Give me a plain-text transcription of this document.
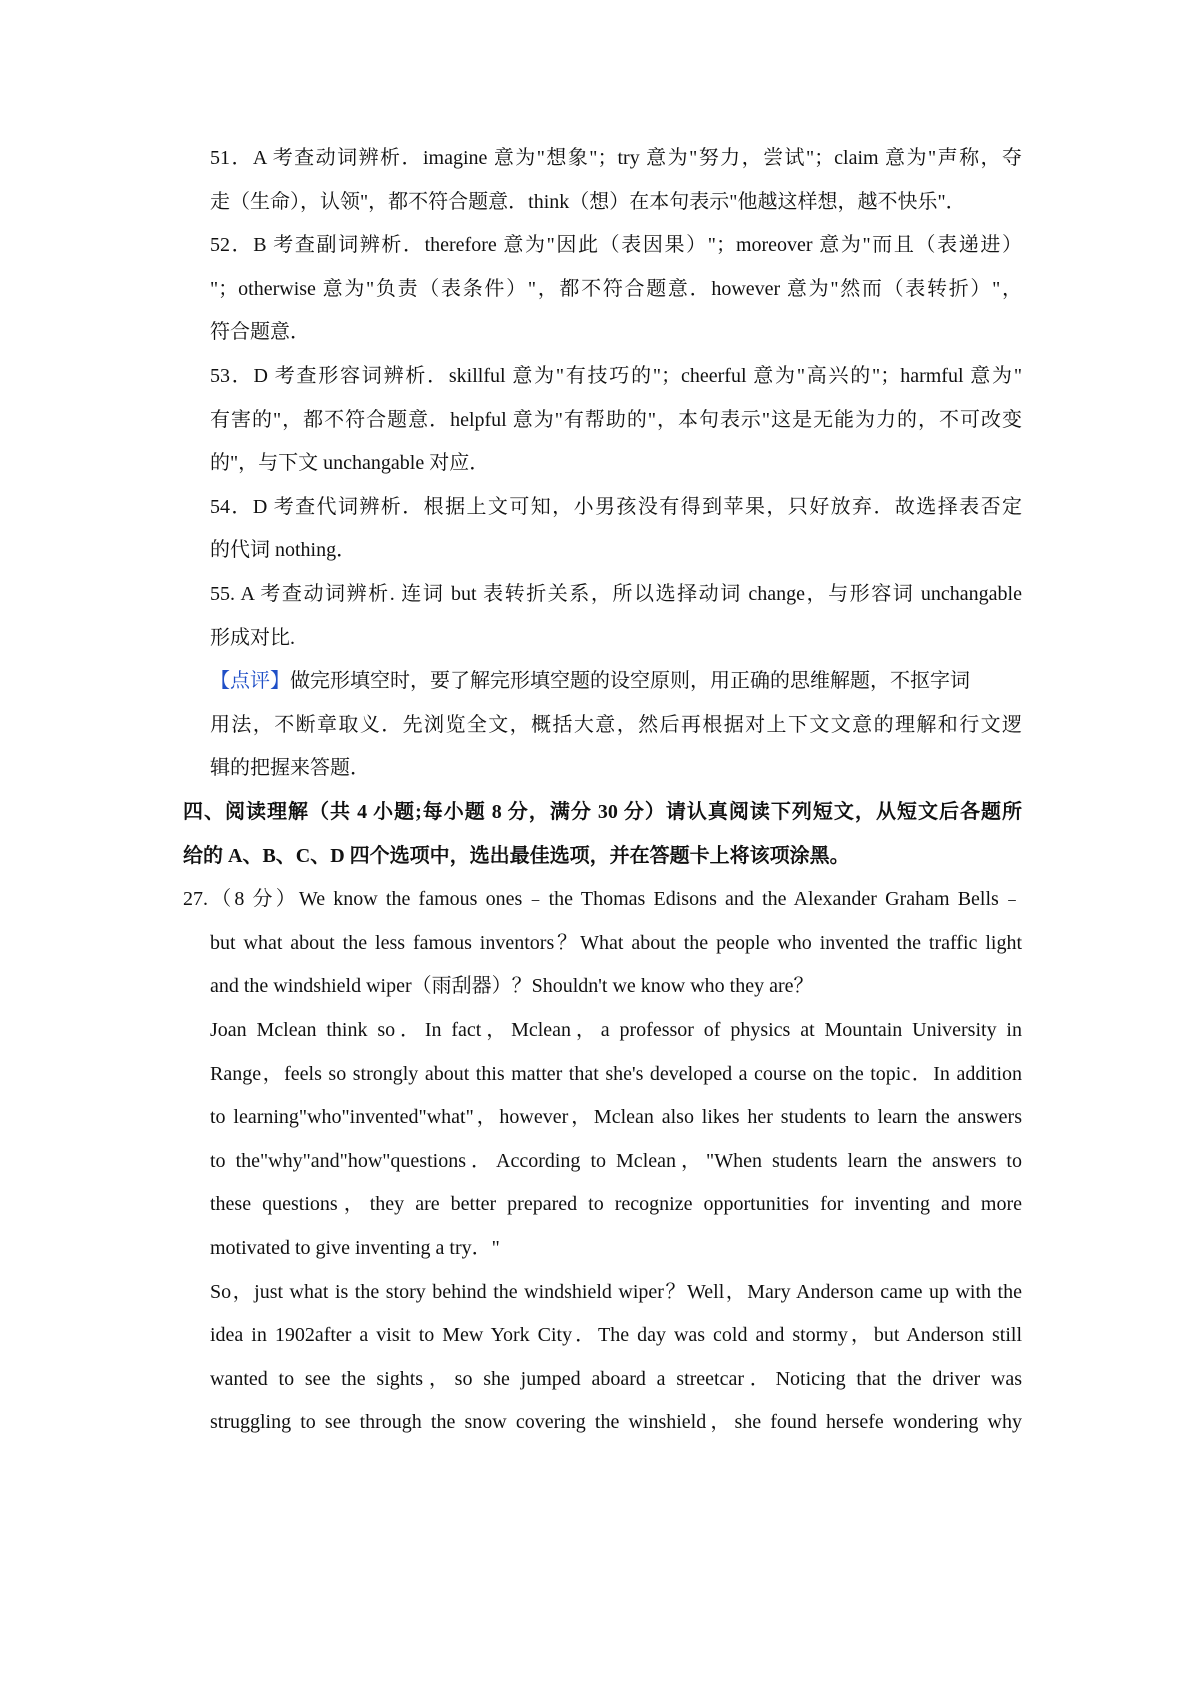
51．A 考查动词辨析．imagine 意为"想象"；try 意为"努力，尝试"；claim 意为"声称，夺

走（生命），认领"，都不符合题意．think（想）在本句表示"他越这样想，越不快乐"．

52．B 考查副词辨析．therefore 意为"因此（表因果）"；moreover 意为"而且（表递进）

"；otherwise 意为"负责（表条件）"，都不符合题意．however 意为"然而（表转折）"，

符合题意．

53．D 考查形容词辨析．skillful 意为"有技巧的"；cheerful 意为"高兴的"；harmful 意为"

有害的"，都不符合题意．helpful 意为"有帮助的"，本句表示"这是无能为力的，不可改变

的"，与下文 unchangable 对应．

54．D 考查代词辨析．根据上文可知，小男孩没有得到苹果，只好放弃．故选择表否定

的代词 nothing．

55. A 考查动词辨析. 连词 but 表转折关系，所以选择动词 change，与形容词 unchangable

形成对比.

【点评】做完形填空时，要了解完形填空题的设空原则，用正确的思维解题，不抠字词

用法，不断章取义．先浏览全文，概括大意，然后再根据对上下文文意的理解和行文逻

辑的把握来答题．

四、阅读理解（共 4 小题;每小题 8 分，满分 30 分）请认真阅读下列短文，从短文后各题所

给的 A、B、C、D 四个选项中，选出最佳选项，并在答题卡上将该项涂黑。

27.（8 分）We know the famous ones﹣the Thomas Edisons and the Alexander Graham Bells﹣

but what about the less famous inventors？What about the people who invented the traffic light

and the windshield wiper（雨刮器）？Shouldn't we know who they are？

Joan Mclean think so．In fact，Mclean，a professor of physics at Mountain University in

Range，feels so strongly about this matter that she's developed a course on the topic．In addition

to learning"who"invented"what"，however，Mclean also likes her students to learn the answers

to the"why"and"how"questions．According to Mclean，"When students learn the answers to

these questions，they are better prepared to recognize opportunities for inventing and more

motivated to give inventing a try．"

So，just what is the story behind the windshield wiper？Well，Mary Anderson came up with the

idea in 1902after a visit to Mew York City．The day was cold and stormy，but Anderson still

wanted to see the sights，so she jumped aboard a streetcar．Noticing that the driver was

struggling to see through the snow covering the winshield，she found hersefe wondering why
